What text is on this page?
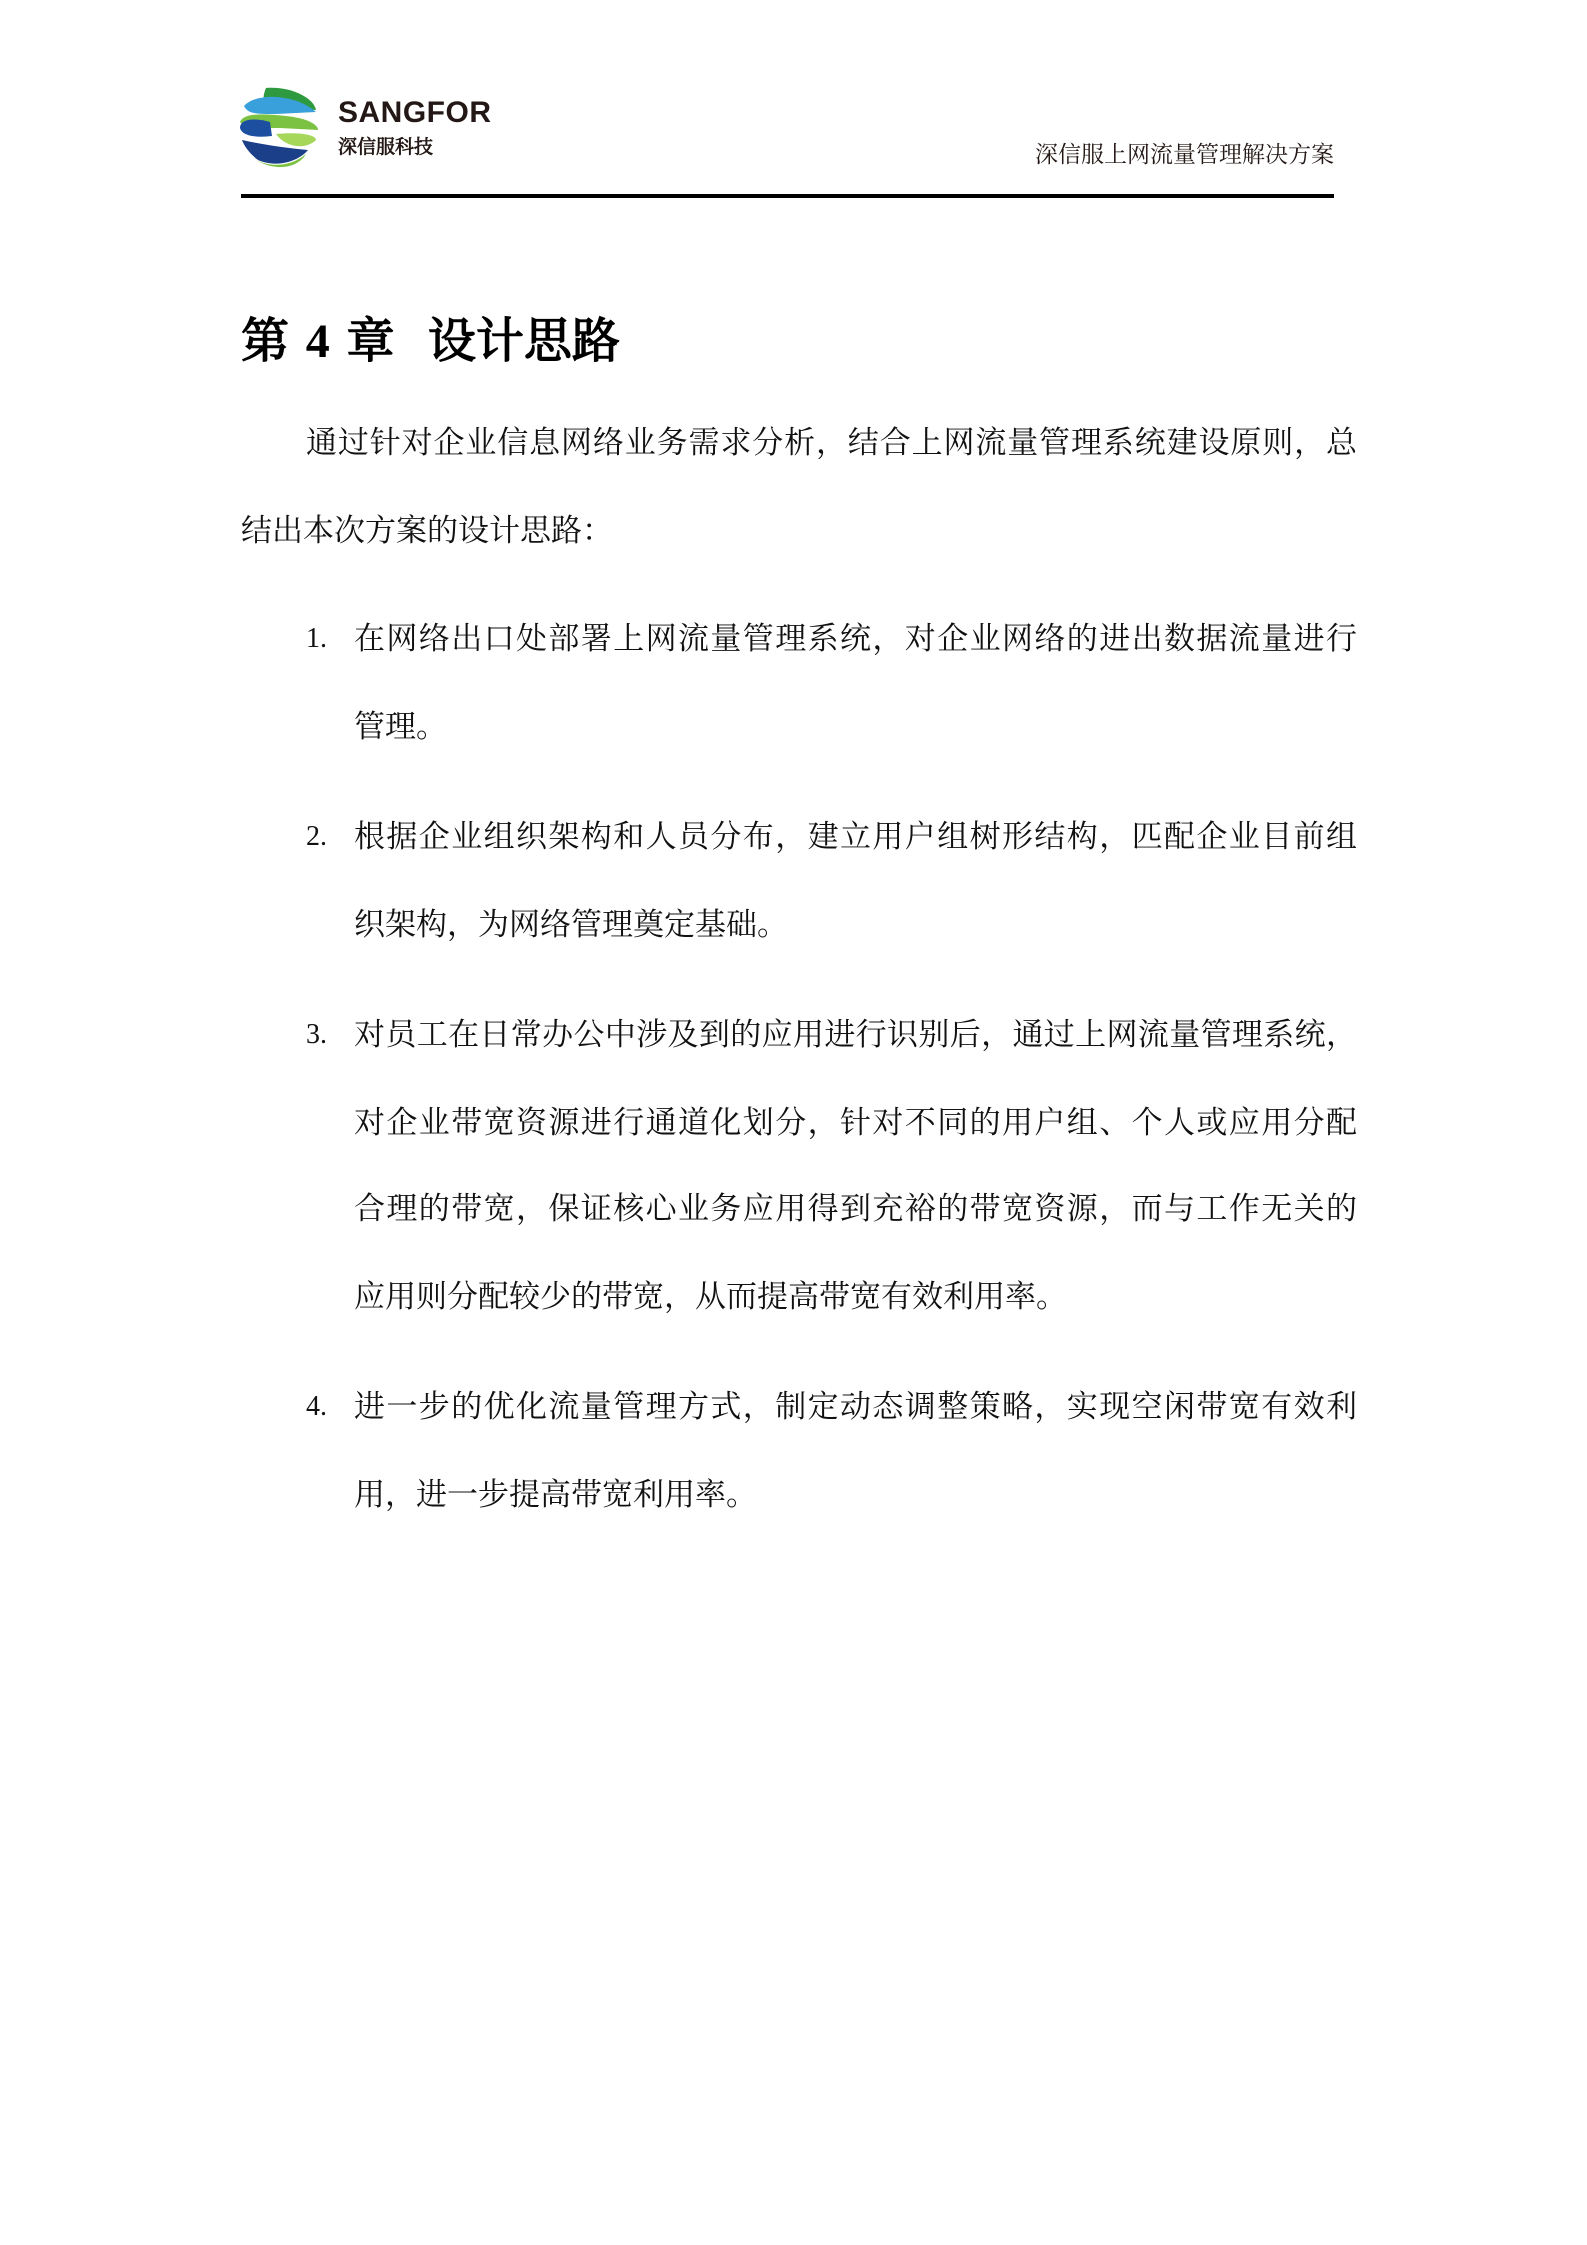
SANGFOR
深信服科技	深信服上网流量管理解决方案
第 4 章 设计思路
通过针对企业信息网络业务需求分析，结合上网流量管理系统建设原则，总
结出本次方案的设计思路：
1. 在网络出口处部署上网流量管理系统，对企业网络的进出数据流量进行
管理。
2. 根据企业组织架构和人员分布，建立用户组树形结构，匹配企业目前组
织架构，为网络管理奠定基础。
3. 对员工在日常办公中涉及到的应用进行识别后，通过上网流量管理系统，
对企业带宽资源进行通道化划分，针对不同的用户组、个人或应用分配
合理的带宽，保证核心业务应用得到充裕的带宽资源，而与工作无关的
应用则分配较少的带宽，从而提高带宽有效利用率。
4. 进一步的优化流量管理方式，制定动态调整策略，实现空闲带宽有效利
用，进一步提高带宽利用率。
